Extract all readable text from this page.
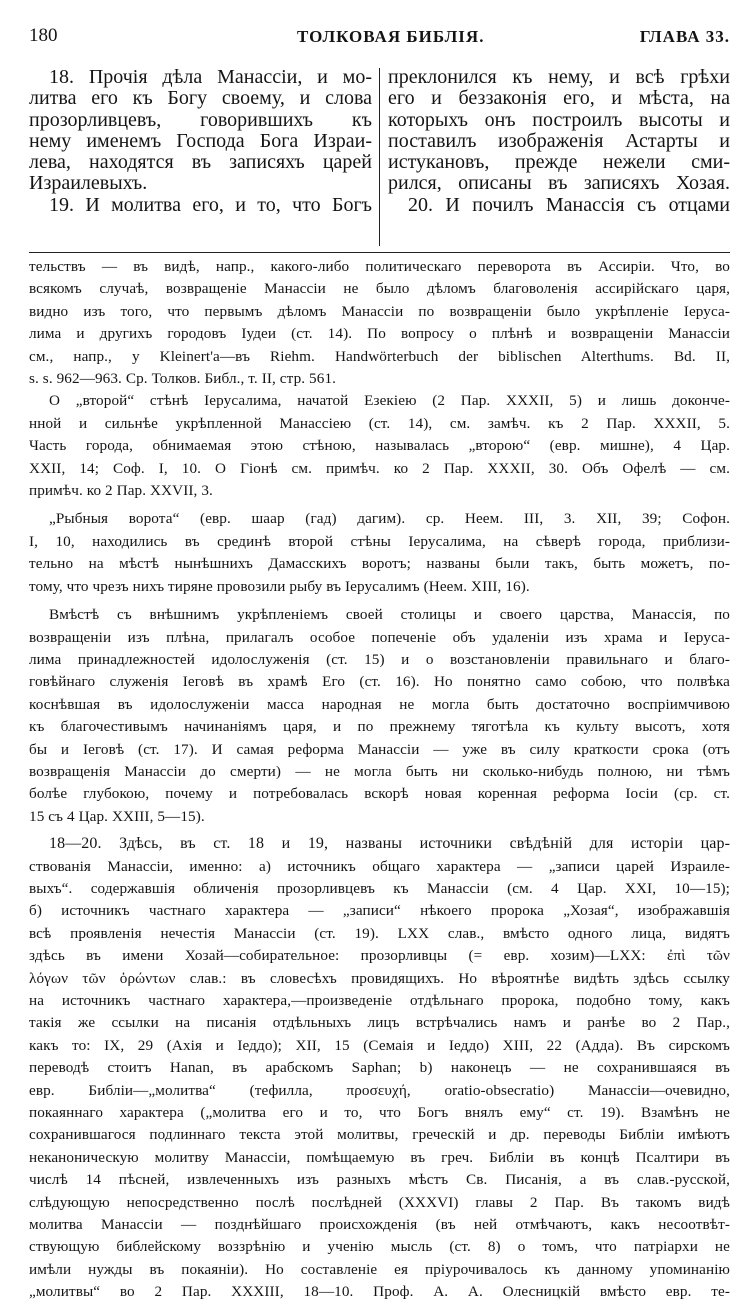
180	ТОЛКОВАЯ БИБЛІЯ.	ГЛАВА 33.
18. Прочія дѣла Манассіи, и мо-
литва его къ Богу своему, и слова
прозорливцевъ, говорившихъ къ
нему именемъ Господа Бога Израи-
лева, находятся въ записяхъ царей
Израилевыхъ.
19. И молитва его, и то, что Богъ
преклонился къ нему, и всѣ грѣхи
его и беззаконія его, и мѣста, на
которыхъ онъ построилъ высоты и
поставилъ изображенія Астарты и
истукановъ, прежде нежели сми-
рился, описаны въ записяхъ Хозая.
20. И почилъ Манассія съ отцами
тельствъ — въ видѣ, напр., какого-либо политическаго переворота въ Ассиріи. Что, во
всякомъ случаѣ, возвращеніе Манассіи не было дѣломъ благоволенія ассирійскаго царя,
видно изъ того, что первымъ дѣломъ Манассіи по возвращеніи было укрѣпленіе Іеруса-
лима и другихъ городовъ Іудеи (ст. 14). По вопросу о плѣнѣ и возвращеніи Манассіи
см., напр., у Kleinert'а—въ Riehm. Handwörterbuch der biblischen Alterthums. Bd. II,
s. s. 962—963. Ср. Толков. Библ., т. II, стр. 561.
О „второй“ стѣнѣ Іерусалима, начатой Езекіею (2 Пар. XXXII, 5) и лишь доконче-
нной и сильнѣе укрѣпленной Манассіею (ст. 14), см. замѣч. къ 2 Пар. XXXII, 5.
Часть города, обнимаемая этою стѣною, называлась „второю“ (евр. мишне), 4 Цар.
XXII, 14; Соф. I, 10. О Гіонѣ см. примѣч. ко 2 Пар. XXXII, 30. Объ Офелѣ — см.
примѣч. ко 2 Пар. XXVII, 3.
„Рыбныя ворота“ (евр. шаар (гад) дагим). ср. Неем. III, 3. XII, 39; Софон.
I, 10, находились въ срединѣ второй стѣны Іерусалима, на сѣверѣ города, приблизи-
тельно на мѣстѣ нынѣшнихъ Дамасскихъ воротъ; названы были такъ, быть можетъ, по-
тому, что чрезъ нихъ тиряне провозили рыбу въ Іерусалимъ (Неем. XIII, 16).
Вмѣстѣ съ внѣшнимъ укрѣпленіемъ своей столицы и своего царства, Манассія, по
возвращеніи изъ плѣна, прилагалъ особое попеченіе объ удаленіи изъ храма и Іеруса-
лима принадлежностей идолослуженія (ст. 15) и о возстановленіи правильнаго и благо-
говѣйнаго служенія Іеговѣ въ храмѣ Его (ст. 16). Но понятно само собою, что полвѣка
коснѣвшая въ идолослуженіи масса народная не могла быть достаточно воспріимчивою
къ благочестивымъ начинаніямъ царя, и по прежнему тяготѣла къ культу высотъ, хотя
бы и Іеговѣ (ст. 17). И самая реформа Манассіи — уже въ силу краткости срока (отъ
возвращенія Манассіи до смерти) — не могла быть ни сколько-нибудь полною, ни тѣмъ
болѣе глубокою, почему и потребовалась вскорѣ новая коренная реформа Іосіи (ср. ст.
15 съ 4 Цар. XXIII, 5—15).
18—20. Здѣсь, въ ст. 18 и 19, названы источники свѣдѣній для исторіи цар-
ствованія Манассіи, именно: а) источникъ общаго характера — „записи царей Израиле-
выхъ“. содержавшія обличенія прозорливцевъ къ Манассіи (см. 4 Цар. XXI, 10—15);
б) источникъ частнаго характера — „записи“ нѣкоего пророка „Хозая“, изображавшія
всѣ проявленія нечестія Манассіи (ст. 19). LXX слав., вмѣсто одного лица, видятъ
здѣсь въ имени Хозай—собирательное: прозорливцы (= евр. хозим)—LXX: ἐπὶ τῶν
λόγων τῶν ὁρώντων слав.: въ словесѣхъ провидящихъ. Но вѣроятнѣе видѣть здѣсь ссылку
на источникъ частнаго характера,—произведеніе отдѣльнаго пророка, подобно тому, какъ
такія же ссылки на писанія отдѣльныхъ лицъ встрѣчались намъ и ранѣе во 2 Пар.,
какъ то: IX, 29 (Ахія и Іеддо); XII, 15 (Семаія и Іеддо) XIII, 22 (Адда). Въ сирскомъ
переводѣ стоитъ Hanan, въ арабскомъ Saphan; b) наконецъ — не сохранившаяся въ
евр. Библіи—„молитва“ (тефилла, προσευχή, oratio-obsecratio) Манассіи—очевидно,
покаяннаго характера („молитва его и то, что Богъ внялъ ему“ ст. 19). Взамѣнъ не
сохранившагося подлиннаго текста этой молитвы, греческій и др. переводы Библіи имѣютъ
неканоническую молитву Манассіи, помѣщаемую въ греч. Библіи въ концѣ Псалтири въ
числѣ 14 пѣсней, извлеченныхъ изъ разныхъ мѣстъ Св. Писанія, а въ слав.-русской,
слѣдующую непосредственно послѣ послѣдней (XXXVI) главы 2 Пар. Въ такомъ видѣ
молитва Манассіи — позднѣйшаго происхожденія (въ ней отмѣчаютъ, какъ несоотвѣт-
ствующую библейскому воззрѣнію и ученію мысль (ст. 8) о томъ, что патріархи не
имѣли нужды въ покаяніи). Но составленіе ея пріурочивалось къ данному упоминанію
„молитвы“ во 2 Пар. XXXIII, 18—10. Проф. А. А. Олесницкій вмѣсто евр. те-
